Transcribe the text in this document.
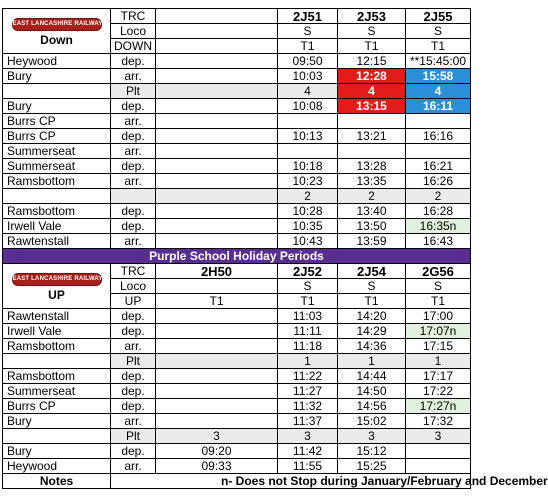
EAST LANCASHIRE RAILWAY
Down	TRC		2J51	2J53	2J55
	Loco		S	S	S
	DOWN		T1	T1	T1
Heywood	dep.		09:50	12:15	**15:45:00
Bury	arr.		10:03	12:28	15:58
	Plt		4	4	4
Bury	dep.		10:08	13:15	16:11
Burrs CP	arr.				
Burrs CP	dep.		10:13	13:21	16:16
Summerseat	arr.				
Summerseat	dep.		10:18	13:28	16:21
Ramsbottom	arr.		10:23	13:35	16:26
			2	2	2
Ramsbottom	dep.		10:28	13:40	16:28
Irwell Vale	dep.		10:35	13:50	16:35n
Rawtenstall	arr.		10:43	13:59	16:43
Purple School Holiday Periods					
EAST LANCASHIRE RAILWAY
UP	TRC	2H50	2J52	2J54	2G56
	Loco		S	S	S
	UP	T1	T1	T1	T1
Rawtenstall	dep.		11:03	14:20	17:00
Irwell Vale	dep.		11:11	14:29	17:07n
Ramsbottom	arr.		11:18	14:36	17:15
	Plt		1	1	1
Ramsbottom	dep.		11:22	14:44	17:17
Summerseat	dep.		11:27	14:50	17:22
Burrs CP	dep.		11:32	14:56	17:27n
Bury	arr.		11:37	15:02	17:32
	Plt	3	3	3	3
Bury	dep.	09:20	11:42	15:12	
Heywood	arr.	09:33	11:55	15:25	
Notes	n- Does not Stop during January/February and December				
